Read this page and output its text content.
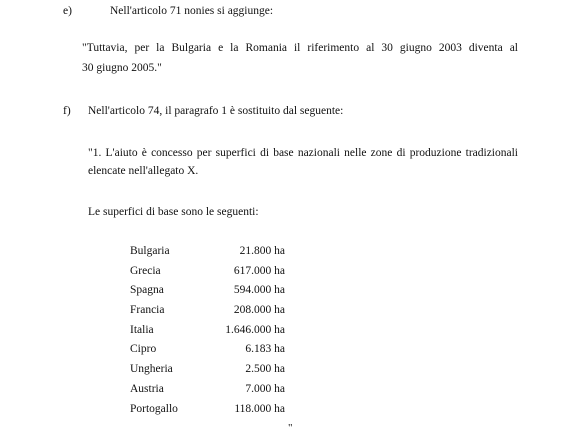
e)	Nell'articolo 71 nonies si aggiunge:
"Tuttavia, per la Bulgaria e la Romania il riferimento al 30 giugno 2003 diventa al
30 giugno 2005."
f)	Nell'articolo 74, il paragrafo 1 è sostituito dal seguente:
"1. L'aiuto è concesso per superfici di base nazionali nelle zone di produzione tradizionali
elencate nell'allegato X.
Le superfici di base sono le seguenti:
Bulgaria	21.800 ha
Grecia	617.000 ha
Spagna	594.000 ha
Francia	208.000 ha
Italia	1.646.000 ha
Cipro	6.183 ha
Ungheria	2.500 ha
Austria	7.000 ha
Portogallo	118.000 ha
"
